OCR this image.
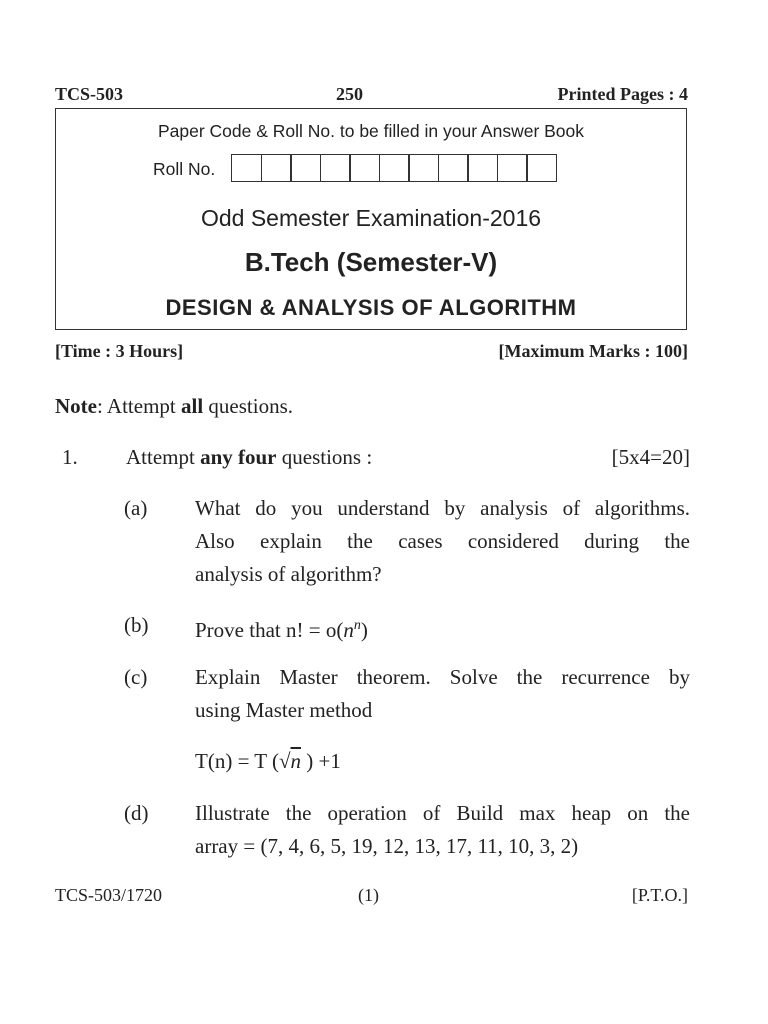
TCS-503	250	Printed Pages : 4
Paper Code & Roll No. to be filled in your Answer Book
Roll No.
Odd Semester Examination-2016
B.Tech (Semester-V)
DESIGN & ANALYSIS OF ALGORITHM
[Time : 3 Hours]	[Maximum Marks : 100]
Note: Attempt all questions.
1. Attempt any four questions :	[5x4=20]
(a)	What do you understand by analysis of algorithms.
Also explain the cases considered during the
analysis of algorithm?
(b)	Prove that n! = $o(n^n)$
(c)	Explain Master theorem. Solve the recurrence by
using Master method
T(n) = T (√n ) +1
(d)	Illustrate the operation of Build max heap on the
array = (7, 4, 6, 5, 19, 12, 13, 17, 11, 10, 3, 2)
TCS-503/1720	(1)	[P.T.O.]
